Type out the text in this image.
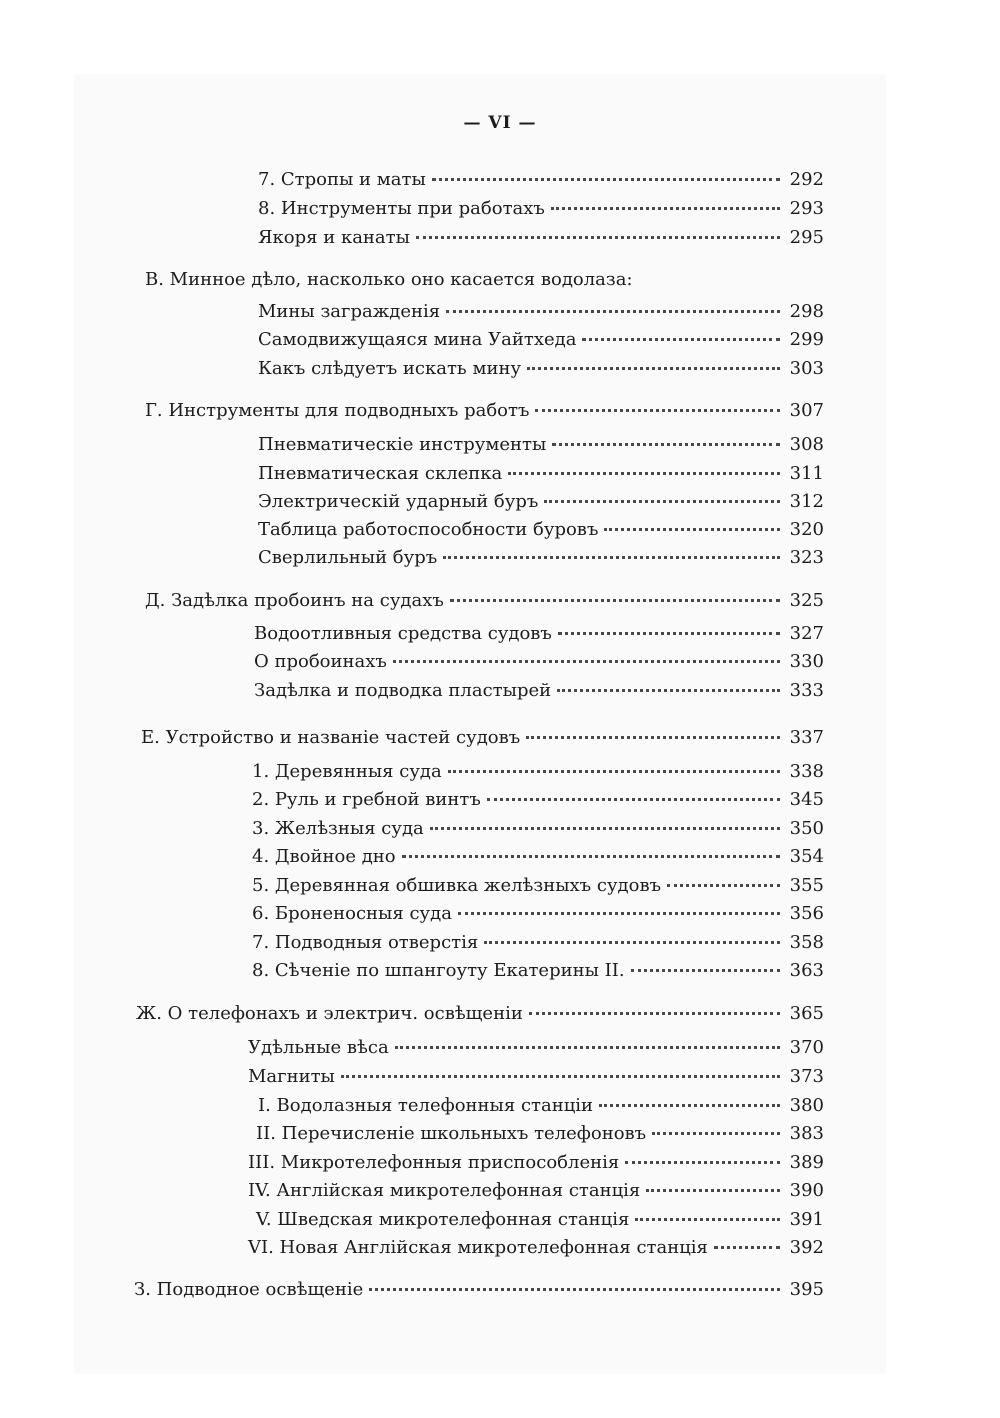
— VI —
7. Стропы и маты	292
8. Инструменты при работахъ	293
Якоря и канаты	295
В. Минное дѣло, насколько оно касается водолаза:
Мины загражденія	298
Самодвижущаяся мина Уайтхеда	299
Какъ слѣдуетъ искать мину	303
Г. Инструменты для подводныхъ работъ	307
Пневматическіе инструменты	308
Пневматическая склепка	311
Электрическій ударный буръ	312
Таблица работоспособности буровъ	320
Сверлильный буръ	323
Д. Задѣлка пробоинъ на судахъ	325
Водоотливныя средства судовъ	327
О пробоинахъ	330
Задѣлка и подводка пластырей	333
Е. Устройство и названіе частей судовъ	337
1. Деревянныя суда	338
2. Руль и гребной винтъ	345
3. Желѣзныя суда	350
4. Двойное дно	354
5. Деревянная обшивка желѣзныхъ судовъ	355
6. Броненосныя суда	356
7. Подводныя отверстія	358
8. Сѣченіе по шпангоуту Екатерины II.	363
Ж. О телефонахъ и электрич. освѣщеніи	365
Удѣльные вѣса	370
Магниты	373
I. Водолазныя телефонныя станціи	380
II. Перечисленіе школьныхъ телефоновъ	383
III. Микротелефонныя приспособленія	389
IV. Англійская микротелефонная станція	390
V. Шведская микротелефонная станція	391
VI. Новая Англійская микротелефонная станція	392
З. Подводное освѣщеніе	395
